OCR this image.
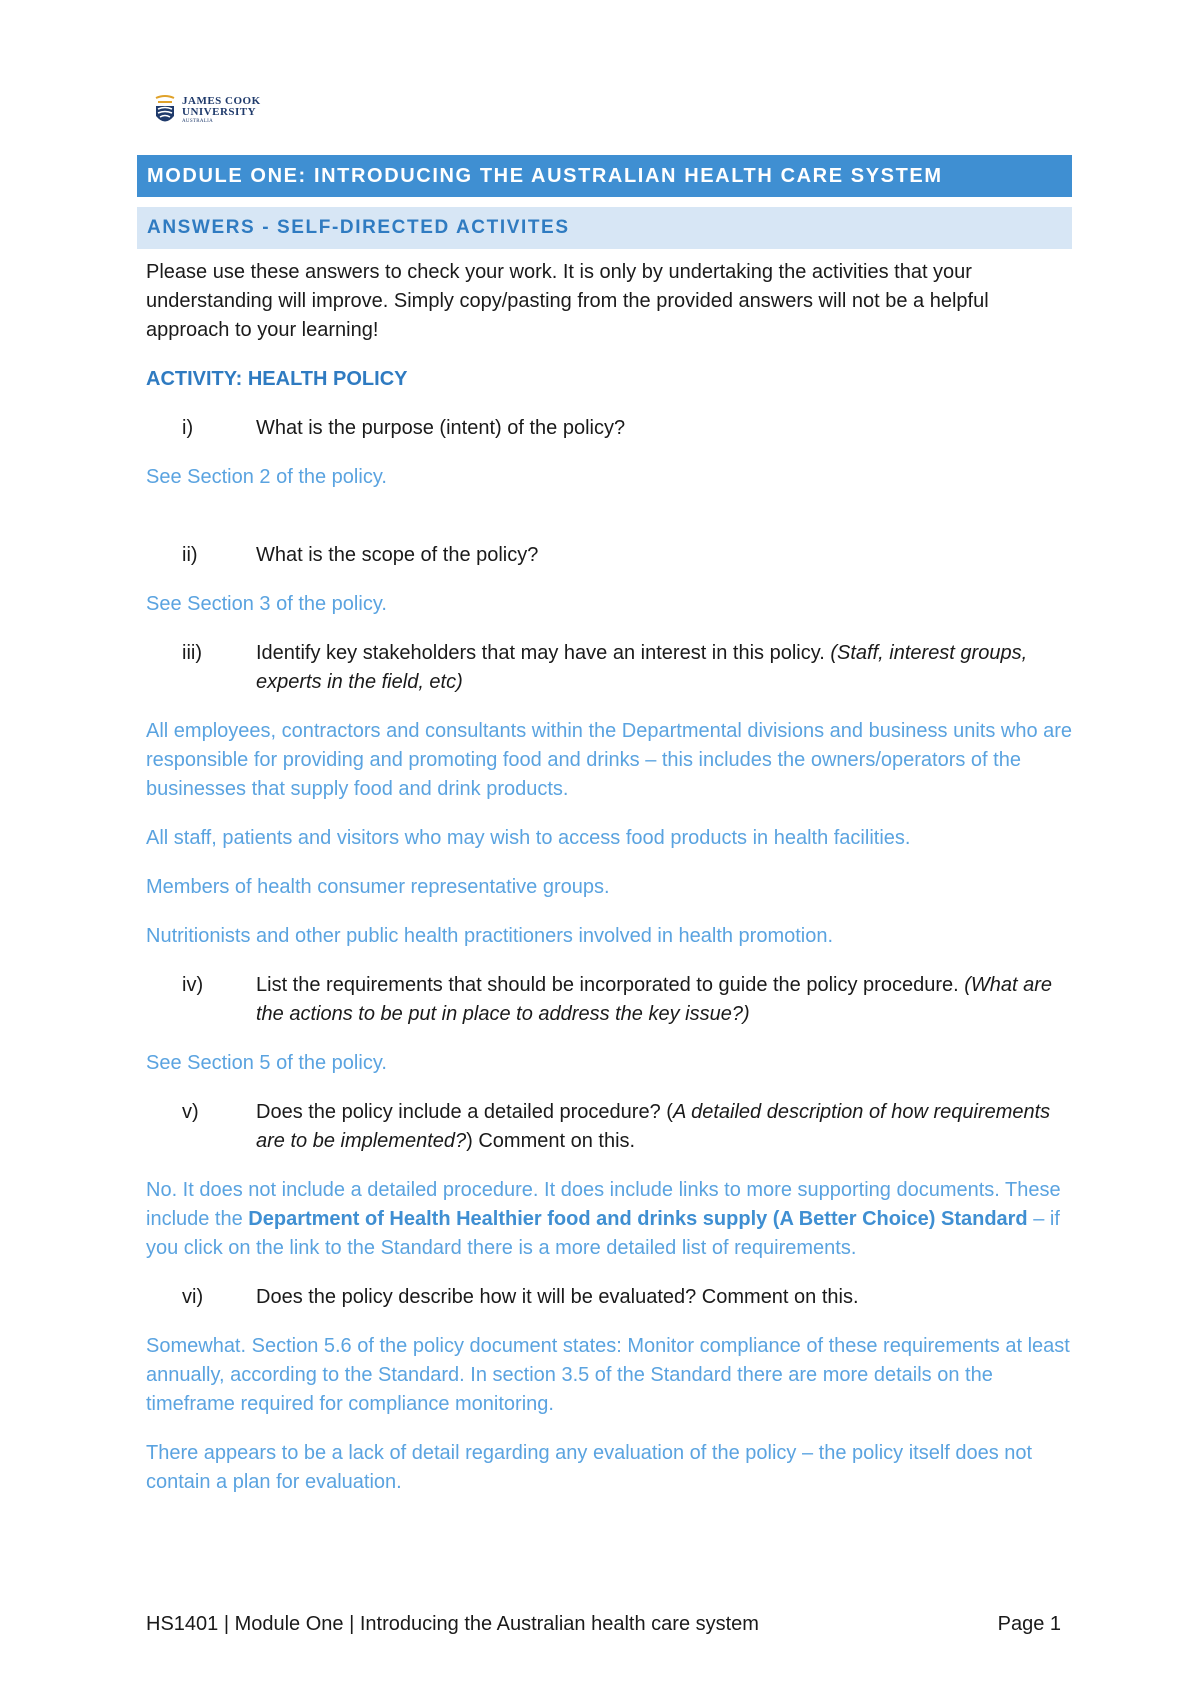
JAMES COOK
UNIVERSITY
AUSTRALIA
MODULE ONE: INTRODUCING THE AUSTRALIAN HEALTH CARE SYSTEM
ANSWERS - SELF-DIRECTED ACTIVITES

Please use these answers to check your work. It is only by undertaking the activities that your understanding will improve. Simply copy/pasting from the provided answers will not be a helpful approach to your learning!

ACTIVITY: HEALTH POLICY

i)	What is the purpose (intent) of the policy?

See Section 2 of the policy.

ii)	What is the scope of the policy?

See Section 3 of the policy.

iii)	Identify key stakeholders that may have an interest in this policy. (Staff, interest groups, experts in the field, etc)

All employees, contractors and consultants within the Departmental divisions and business units who are responsible for providing and promoting food and drinks – this includes the owners/operators of the businesses that supply food and drink products.

All staff, patients and visitors who may wish to access food products in health facilities.

Members of health consumer representative groups.

Nutritionists and other public health practitioners involved in health promotion.

iv)	List the requirements that should be incorporated to guide the policy procedure. (What are the actions to be put in place to address the key issue?)

See Section 5 of the policy.

v)	Does the policy include a detailed procedure? (A detailed description of how requirements are to be implemented?) Comment on this.

No. It does not include a detailed procedure. It does include links to more supporting documents. These include the Department of Health Healthier food and drinks supply (A Better Choice) Standard – if you click on the link to the Standard there is a more detailed list of requirements.

vi)	Does the policy describe how it will be evaluated? Comment on this.

Somewhat. Section 5.6 of the policy document states: Monitor compliance of these requirements at least annually, according to the Standard. In section 3.5 of the Standard there are more details on the timeframe required for compliance monitoring.

There appears to be a lack of detail regarding any evaluation of the policy – the policy itself does not contain a plan for evaluation.

HS1401 | Module One | Introducing the Australian health care system	Page 1
